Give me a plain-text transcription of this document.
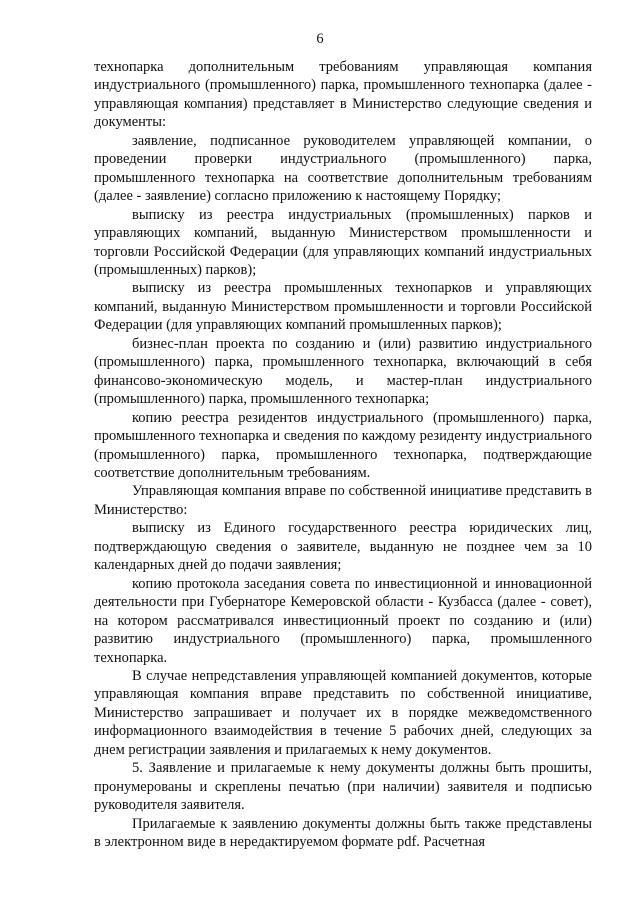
6

технопарка дополнительным требованиям управляющая компания индустриального (промышленного) парка, промышленного технопарка (далее - управляющая компания) представляет в Министерство следующие сведения и документы:

заявление, подписанное руководителем управляющей компании, о проведении проверки индустриального (промышленного) парка, промышленного технопарка на соответствие дополнительным требованиям (далее - заявление) согласно приложению к настоящему Порядку;

выписку из реестра индустриальных (промышленных) парков и управляющих компаний, выданную Министерством промышленности и торговли Российской Федерации (для управляющих компаний индустриальных (промышленных) парков);

выписку из реестра промышленных технопарков и управляющих компаний, выданную Министерством промышленности и торговли Российской Федерации (для управляющих компаний промышленных парков);

бизнес-план проекта по созданию и (или) развитию индустриального (промышленного) парка, промышленного технопарка, включающий в себя финансово-экономическую модель, и мастер-план индустриального (промышленного) парка, промышленного технопарка;

копию реестра резидентов индустриального (промышленного) парка, промышленного технопарка и сведения по каждому резиденту индустриального (промышленного) парка, промышленного технопарка, подтверждающие соответствие дополнительным требованиям.

Управляющая компания вправе по собственной инициативе представить в Министерство:

выписку из Единого государственного реестра юридических лиц, подтверждающую сведения о заявителе, выданную не позднее чем за 10 календарных дней до подачи заявления;

копию протокола заседания совета по инвестиционной и инновационной деятельности при Губернаторе Кемеровской области - Кузбасса (далее - совет), на котором рассматривался инвестиционный проект по созданию и (или) развитию индустриального (промышленного) парка, промышленного технопарка.

В случае непредставления управляющей компанией документов, которые управляющая компания вправе представить по собственной инициативе, Министерство запрашивает и получает их в порядке межведомственного информационного взаимодействия в течение 5 рабочих дней, следующих за днем регистрации заявления и прилагаемых к нему документов.

5. Заявление и прилагаемые к нему документы должны быть прошиты, пронумерованы и скреплены печатью (при наличии) заявителя и подписью руководителя заявителя.

Прилагаемые к заявлению документы должны быть также представлены в электронном виде в нередактируемом формате pdf. Расчетная
